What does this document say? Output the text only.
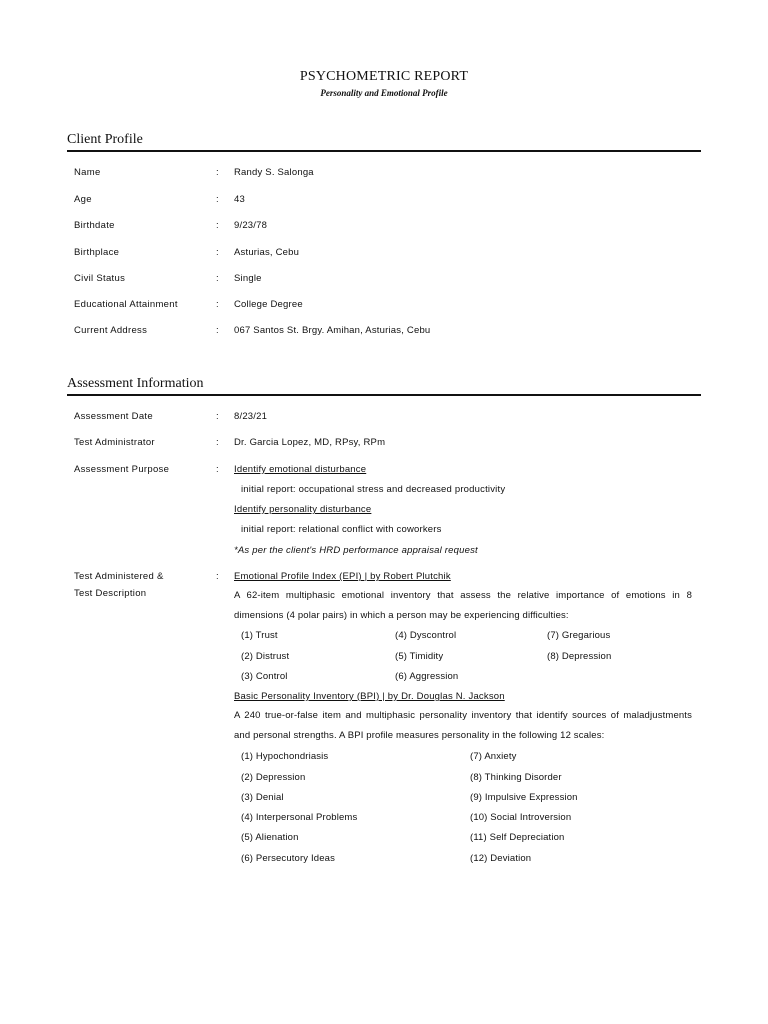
PSYCHOMETRIC REPORT
Personality and Emotional Profile
Client Profile
Name	: Randy S. Salonga
Age	: 43
Birthdate	: 9/23/78
Birthplace	: Asturias, Cebu
Civil Status	: Single
Educational Attainment	: College Degree
Current Address	: 067 Santos St. Brgy. Amihan, Asturias, Cebu
Assessment Information
Assessment Date	: 8/23/21
Test Administrator	: Dr. Garcia Lopez, MD, RPsy, RPm
Assessment Purpose	: Identify emotional disturbance
initial report: occupational stress and decreased productivity
Identify personality disturbance
initial report: relational conflict with coworkers
*As per the client's HRD performance appraisal request
Test Administered &
Test Description
: Emotional Profile Index (EPI) | by Robert Plutchik
A 62-item multiphasic emotional inventory that assess the relative importance of emotions in 8 dimensions (4 polar pairs) in which a person may be experiencing difficulties:
(1) Trust	(4) Dyscontrol	(7) Gregarious
(2) Distrust	(5) Timidity	(8) Depression
(3) Control	(6) Aggression
Basic Personality Inventory (BPI) | by Dr. Douglas N. Jackson
A 240 true-or-false item and multiphasic personality inventory that identify sources of maladjustments and personal strengths. A BPI profile measures personality in the following 12 scales:
(1) Hypochondriasis	(7) Anxiety
(2) Depression	(8) Thinking Disorder
(3) Denial	(9) Impulsive Expression
(4) Interpersonal Problems	(10) Social Introversion
(5) Alienation	(11) Self Depreciation
(6) Persecutory Ideas	(12) Deviation
